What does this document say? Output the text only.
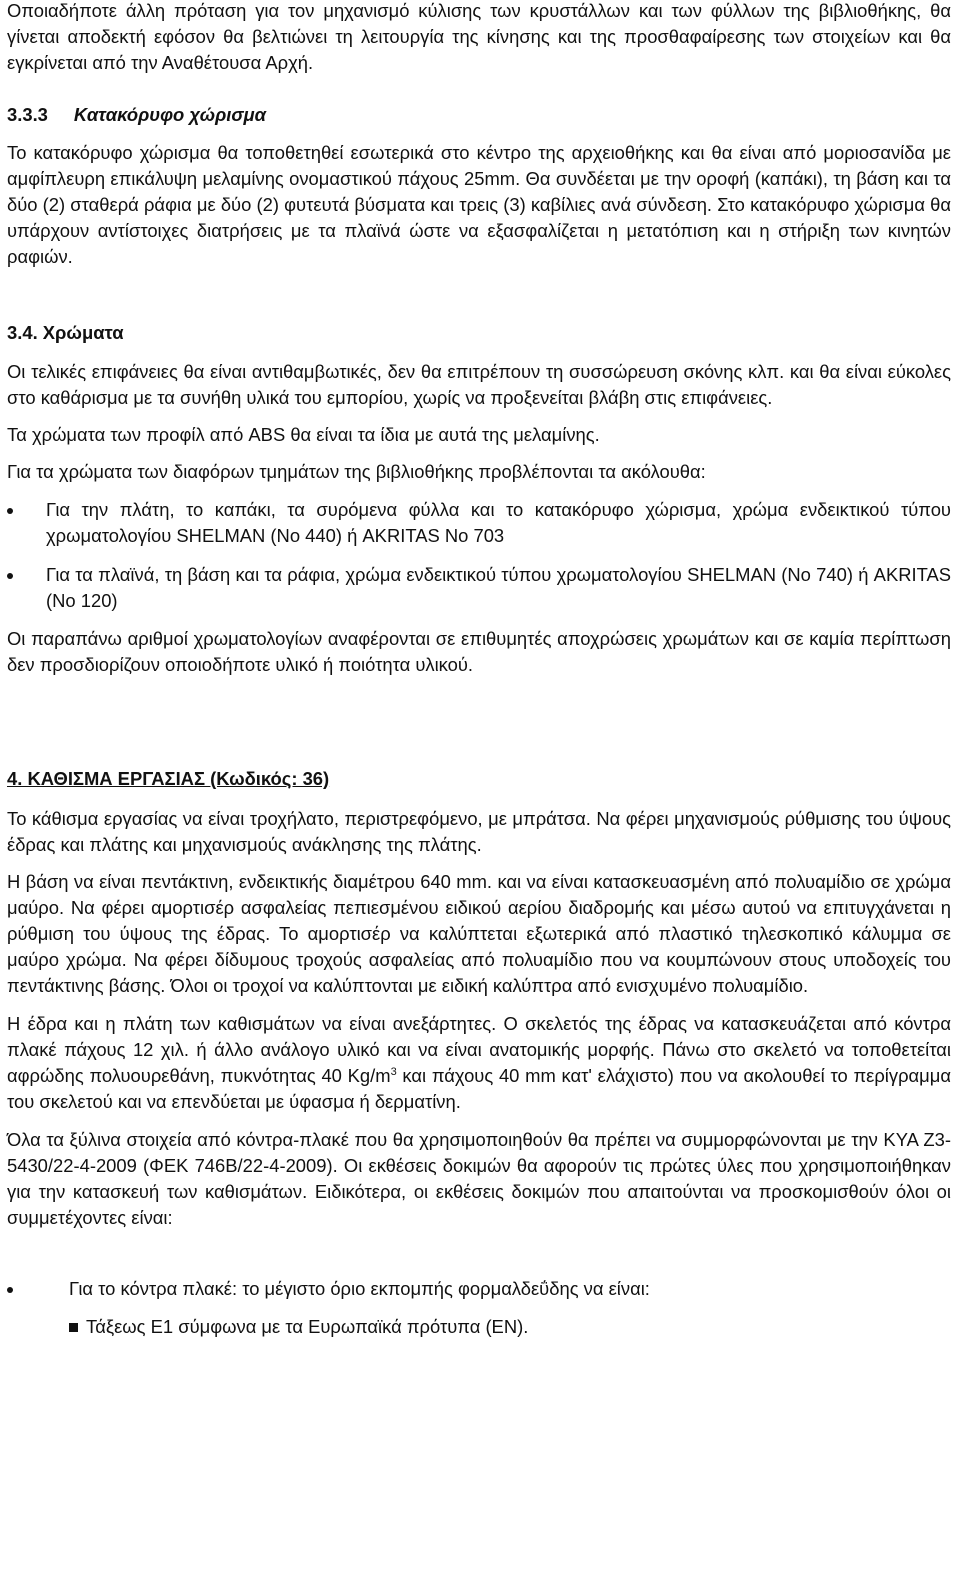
Οποιαδήποτε άλλη πρόταση για τον μηχανισμό κύλισης των κρυστάλλων και των φύλλων της βιβλιοθήκης, θα γίνεται αποδεκτή εφόσον θα βελτιώνει τη λειτουργία της κίνησης και της προσθαφαίρεσης των στοιχείων και θα εγκρίνεται από την Αναθέτουσα Αρχή.

3.3.3 Κατακόρυφο χώρισμα

Το κατακόρυφο χώρισμα θα τοποθετηθεί εσωτερικά στο κέντρο της αρχειοθήκης και θα είναι από μοριοσανίδα με αμφίπλευρη επικάλυψη μελαμίνης ονομαστικού πάχους 25mm. Θα συνδέεται με την οροφή (καπάκι), τη βάση και τα δύο (2) σταθερά ράφια με δύο (2) φυτευτά βύσματα και τρεις (3) καβίλιες ανά σύνδεση. Στο κατακόρυφο χώρισμα θα υπάρχουν αντίστοιχες διατρήσεις με τα πλαϊνά ώστε να εξασφαλίζεται η μετατόπιση και η στήριξη των κινητών ραφιών.

3.4. Χρώματα

Οι τελικές επιφάνειες θα είναι αντιθαμβωτικές, δεν θα επιτρέπουν τη συσσώρευση σκόνης κλπ. και θα είναι εύκολες στο καθάρισμα με τα συνήθη υλικά του εμπορίου, χωρίς να προξενείται βλάβη στις επιφάνειες.

Τα χρώματα των προφίλ από ABS θα είναι τα ίδια με αυτά της μελαμίνης.

Για τα χρώματα των διαφόρων τμημάτων της βιβλιοθήκης προβλέπονται τα ακόλουθα:

Για την πλάτη, το καπάκι, τα συρόμενα φύλλα και το κατακόρυφο χώρισμα, χρώμα ενδεικτικού τύπου χρωματολογίου SHELMAN (No 440) ή AKRITAS No 703
Για τα πλαϊνά, τη βάση και τα ράφια, χρώμα ενδεικτικού τύπου χρωματολογίου SHELMAN (No 740) ή AKRITAS (No 120)

Οι παραπάνω αριθμοί χρωματολογίων αναφέρονται σε επιθυμητές αποχρώσεις χρωμάτων και σε καμία περίπτωση δεν προσδιορίζουν οποιοδήποτε υλικό ή ποιότητα υλικού.

4. ΚΑΘΙΣΜΑ ΕΡΓΑΣΙΑΣ (Κωδικός: 36)

Το κάθισμα εργασίας να είναι τροχήλατο, περιστρεφόμενο, με μπράτσα. Να φέρει μηχανισμούς ρύθμισης του ύψους έδρας και πλάτης και μηχανισμούς ανάκλησης της πλάτης.

Η βάση να είναι πεντάκτινη, ενδεικτικής διαμέτρου 640 mm. και να είναι κατασκευασμένη από πολυαμίδιο σε χρώμα μαύρο. Να φέρει αμορτισέρ ασφαλείας πεπιεσμένου ειδικού αερίου διαδρομής και μέσω αυτού να επιτυγχάνεται η ρύθμιση του ύψους της έδρας. Το αμορτισέρ να καλύπτεται εξωτερικά από πλαστικό τηλεσκοπικό κάλυμμα σε μαύρο χρώμα. Να φέρει δίδυμους τροχούς ασφαλείας από πολυαμίδιο που να κουμπώνουν στους υποδοχείς του πεντάκτινης βάσης. Όλοι οι τροχοί να καλύπτονται με ειδική καλύπτρα από ενισχυμένο πολυαμίδιο.

Η έδρα και η πλάτη των καθισμάτων να είναι ανεξάρτητες. Ο σκελετός της έδρας να κατασκευάζεται από κόντρα πλακέ πάχους 12 χιλ. ή άλλο ανάλογο υλικό και να είναι ανατομικής μορφής. Πάνω στο σκελετό να τοποθετείται αφρώδης πολυουρεθάνη, πυκνότητας 40 $Kg/m^3$ και πάχους 40 mm κατ' ελάχιστο) που να ακολουθεί το περίγραμμα του σκελετού και να επενδύεται με ύφασμα ή δερματίνη.

Όλα τα ξύλινα στοιχεία από κόντρα-πλακέ που θα χρησιμοποιηθούν θα πρέπει να συμμορφώνονται με την ΚΥΑ Ζ3-5430/22-4-2009 (ΦΕΚ 746Β/22-4-2009). Οι εκθέσεις δοκιμών θα αφορούν τις πρώτες ύλες που χρησιμοποιήθηκαν για την κατασκευή των καθισμάτων. Ειδικότερα, οι εκθέσεις δοκιμών που απαιτούνται να προσκομισθούν όλοι οι συμμετέχοντες είναι:

Για το κόντρα πλακέ: το μέγιστο όριο εκπομπής φορμαλδεΰδης να είναι:
Τάξεως Ε1 σύμφωνα με τα Ευρωπαϊκά πρότυπα (ΕΝ).
